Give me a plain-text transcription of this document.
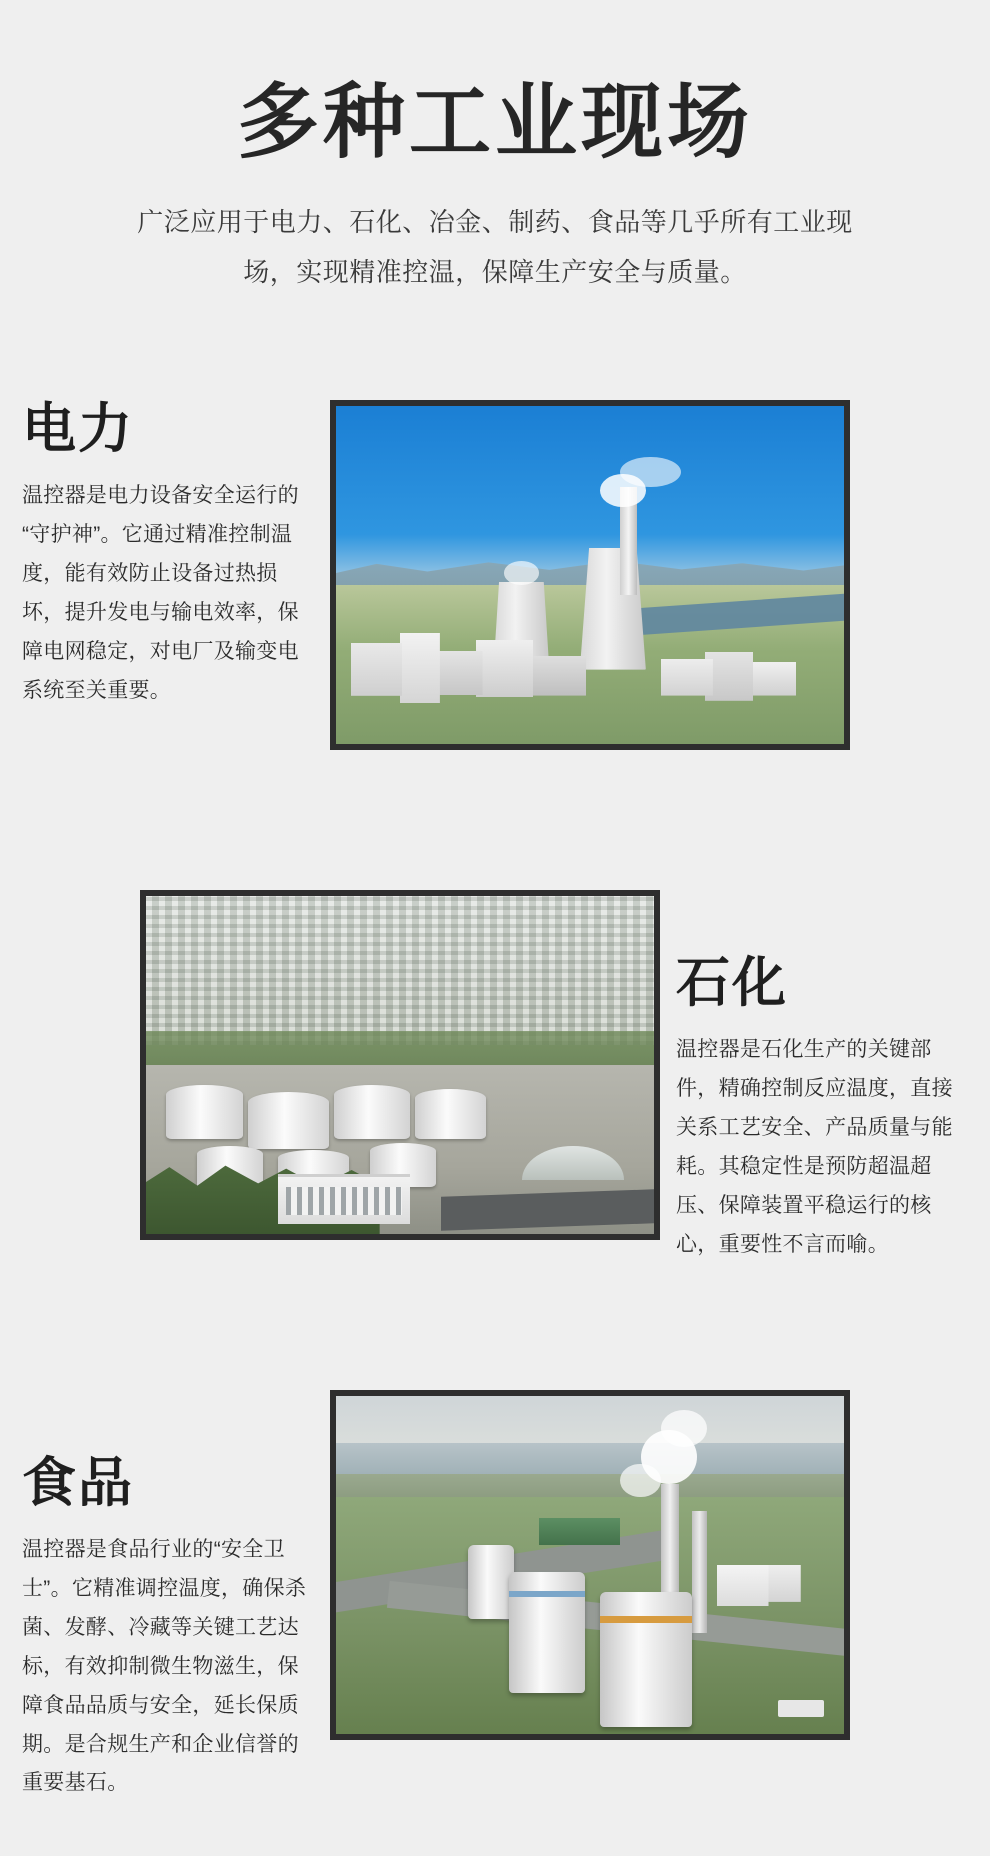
多种工业现场

广泛应用于电力、石化、冶金、制药、食品等几乎所有工业现场，实现精准控温，保障生产安全与质量。

电力

温控器是电力设备安全运行的“守护神”。它通过精准控制温度，能有效防止设备过热损坏，提升发电与输电效率，保障电网稳定，对电厂及输变电系统至关重要。

石化

温控器是石化生产的关键部件，精确控制反应温度，直接关系工艺安全、产品质量与能耗。其稳定性是预防超温超压、保障装置平稳运行的核心，重要性不言而喻。

食品

温控器是食品行业的“安全卫士”。它精准调控温度，确保杀菌、发酵、冷藏等关键工艺达标，有效抑制微生物滋生，保障食品品质与安全，延长保质期。是合规生产和企业信誉的重要基石。
